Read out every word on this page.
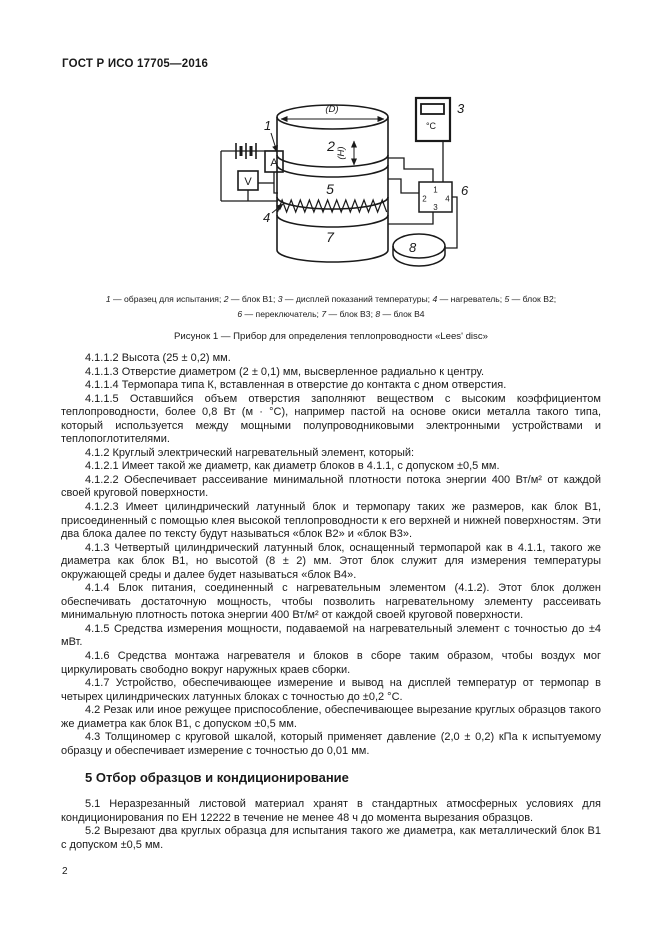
ГОСТ Р ИСО 17705—2016
A
V
(D)
(H)
1
2
5
4
7
°C
3
1
2
3
4
6
8
1 — образец для испытания; 2 — блок В1; 3 — дисплей показаний температуры; 4 — нагреватель; 5 — блок В2;
6 — переключатель; 7 — блок В3; 8 — блок В4
Рисунок 1 — Прибор для определения теплопроводности «Lees' disc»

4.1.1.2 Высота (25 ± 0,2) мм.

4.1.1.3 Отверстие диаметром (2 ± 0,1) мм, высверленное радиально к центру.

4.1.1.4 Термопара типа К, вставленная в отверстие до контакта с дном отверстия.

4.1.1.5 Оставшийся объем отверстия заполняют веществом с высоким коэффициентом теплопроводности, более 0,8 Вт (м · °С), например пастой на основе окиси металла такого типа, который используется между мощными полупроводниковыми электронными устройствами и теплопоглотителями.

4.1.2 Круглый электрический нагревательный элемент, который:

4.1.2.1 Имеет такой же диаметр, как диаметр блоков в 4.1.1, с допуском ±0,5 мм.

4.1.2.2 Обеспечивает рассеивание минимальной плотности потока энергии 400 Вт/м² от каждой своей круговой поверхности.

4.1.2.3 Имеет цилиндрический латунный блок и термопару таких же размеров, как блок В1, присоединенный с помощью клея высокой теплопроводности к его верхней и нижней поверхностям. Эти два блока далее по тексту будут называться «блок В2» и «блок В3».

4.1.3 Четвертый цилиндрический латунный блок, оснащенный термопарой как в 4.1.1, такого же диаметра как блок В1, но высотой (8 ± 2) мм. Этот блок служит для измерения температуры окружающей среды и далее будет называться «блок В4».

4.1.4 Блок питания, соединенный с нагревательным элементом (4.1.2). Этот блок должен обеспечивать достаточную мощность, чтобы позволить нагревательному элементу рассеивать минимальную плотность потока энергии 400 Вт/м² от каждой своей круговой поверхности.

4.1.5 Средства измерения мощности, подаваемой на нагревательный элемент с точностью до ±4 мВт.

4.1.6 Средства монтажа нагревателя и блоков в сборе таким образом, чтобы воздух мог циркулировать свободно вокруг наружных краев сборки.

4.1.7 Устройство, обеспечивающее измерение и вывод на дисплей температур от термопар в четырех цилиндрических латунных блоках с точностью до ±0,2 °С.

4.2 Резак или иное режущее приспособление, обеспечивающее вырезание круглых образцов такого же диаметра как блок В1, с допуском ±0,5 мм.

4.3 Толщиномер с круговой шкалой, который применяет давление (2,0 ± 0,2) кПа к испытуемому образцу и обеспечивает измерение с точностью до 0,01 мм.

5 Отбор образцов и кондиционирование

5.1 Неразрезанный листовой материал хранят в стандартных атмосферных условиях для кондиционирования по ЕН 12222 в течение не менее 48 ч до момента вырезания образцов.

5.2 Вырезают два круглых образца для испытания такого же диаметра, как металлический блок В1 с допуском ±0,5 мм.

2
